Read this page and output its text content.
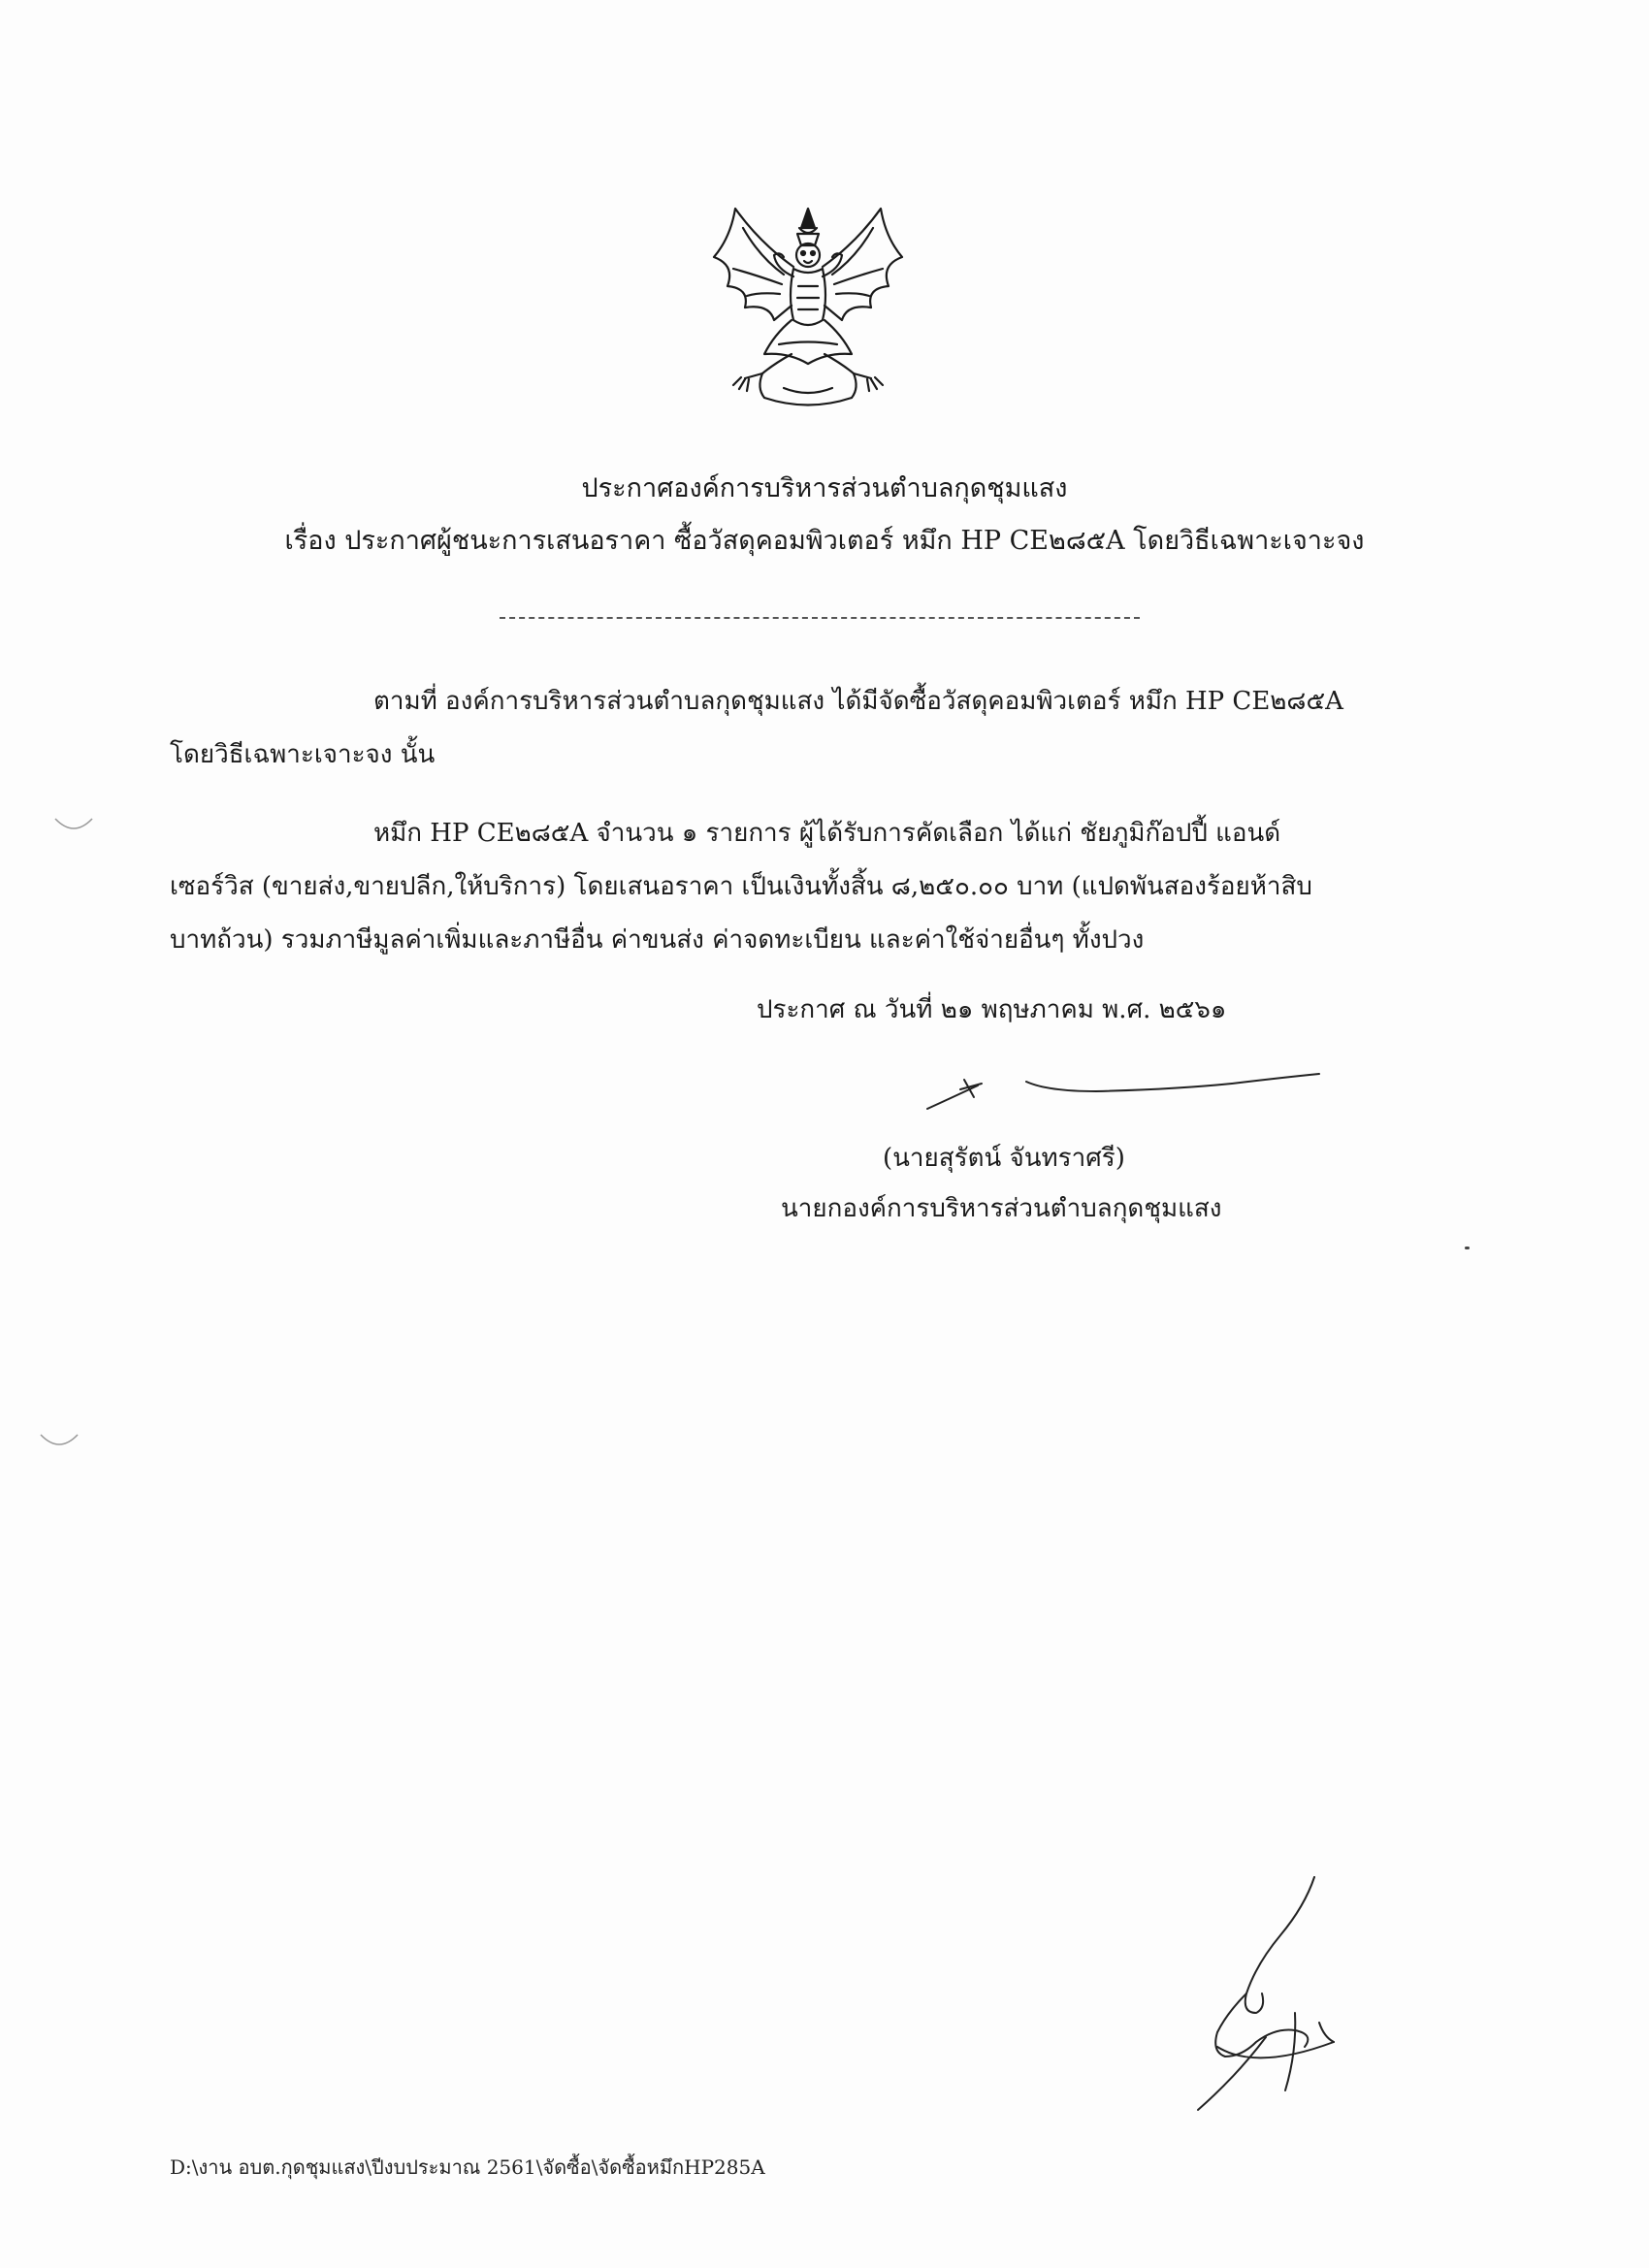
ประกาศองค์การบริหารส่วนตำบลกุดชุมแสง
เรื่อง ประกาศผู้ชนะการเสนอราคา ซื้อวัสดุคอมพิวเตอร์ หมึก HP CE๒๘๕A โดยวิธีเฉพาะเจาะจง
ตามที่ องค์การบริหารส่วนตำบลกุดชุมแสง ได้มีจัดซื้อวัสดุคอมพิวเตอร์ หมึก HP CE๒๘๕A
โดยวิธีเฉพาะเจาะจง นั้น
หมึก HP CE๒๘๕A จำนวน ๑ รายการ ผู้ได้รับการคัดเลือก ได้แก่ ชัยภูมิก๊อปปี้ แอนด์
เซอร์วิส (ขายส่ง,ขายปลีก,ให้บริการ) โดยเสนอราคา เป็นเงินทั้งสิ้น ๘,๒๕๐.๐๐ บาท (แปดพันสองร้อยห้าสิบ
บาทถ้วน) รวมภาษีมูลค่าเพิ่มและภาษีอื่น ค่าขนส่ง ค่าจดทะเบียน และค่าใช้จ่ายอื่นๆ ทั้งปวง
ประกาศ ณ วันที่ ๒๑ พฤษภาคม พ.ศ. ๒๕๖๑
(นายสุรัตน์ จันทราศรี)
นายกองค์การบริหารส่วนตำบลกุดชุมแสง
D:\งาน อบต.กุดชุมแสง\ปีงบประมาณ 2561\จัดซื้อ\จัดซื้อหมึกHP285A
